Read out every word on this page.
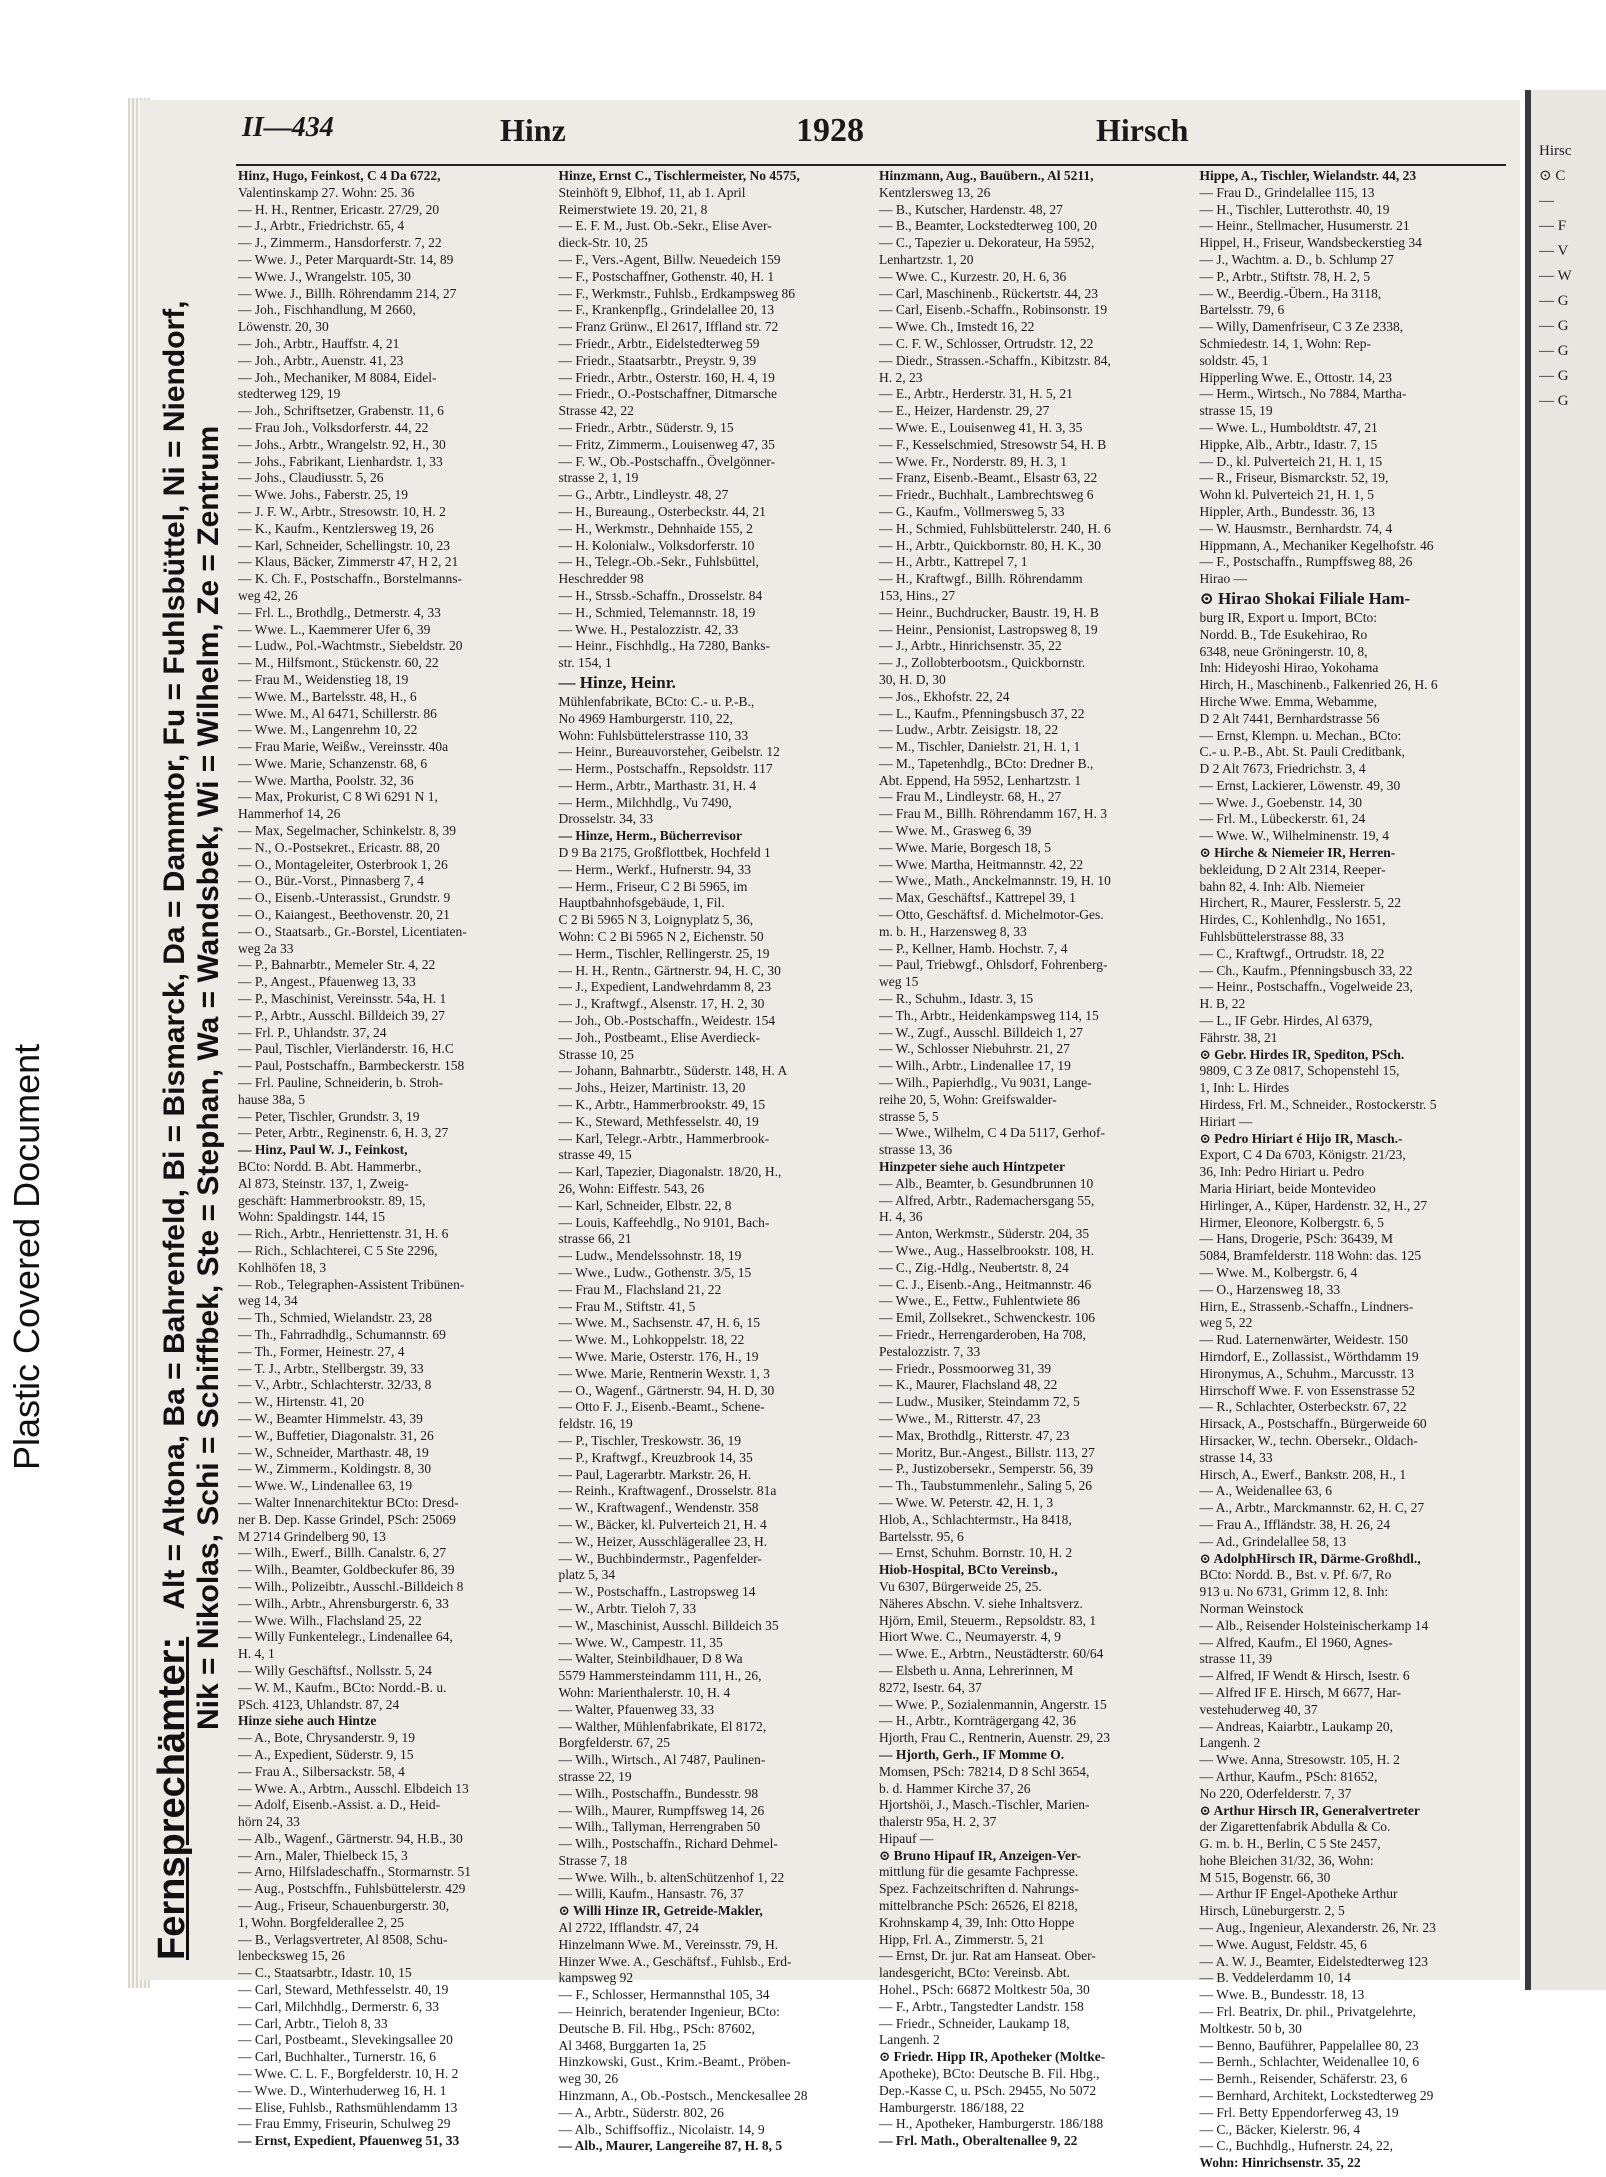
Plastic Covered Document
Hirsc
⊙ C
—
— F
— V
— W
— G
— G
— G
— G
— G
II—434	Hinz	1928	Hirsch
Fernsprechämter: Alt = Altona, Ba = Bahrenfeld, Bi = Bismarck, Da = Dammtor, Fu = Fuhlsbüttel, Ni = Niendorf, Nik = Nikolas, Schi = Schiffbek, Ste = Stephan, Wa = Wandsbek, Wi = Wilhelm, Ze = Zentrum
Hinz, Hugo, Feinkost, C 4 Da 6722,
Valentinskamp 27. Wohn: 25. 36
— H. H., Rentner, Ericastr. 27/29, 20
— J., Arbtr., Friedrichstr. 65, 4
— J., Zimmerm., Hansdorferstr. 7, 22
— Wwe. J., Peter Marquardt-Str. 14, 89
— Wwe. J., Wrangelstr. 105, 30
— Wwe. J., Billh. Röhrendamm 214, 27
— Joh., Fischhandlung, M 2660,
Löwenstr. 20, 30
— Joh., Arbtr., Hauffstr. 4, 21
— Joh., Arbtr., Auenstr. 41, 23
— Joh., Mechaniker, M 8084, Eidel-
stedterweg 129, 19
— Joh., Schriftsetzer, Grabenstr. 11, 6
— Frau Joh., Volksdorferstr. 44, 22
— Johs., Arbtr., Wrangelstr. 92, H., 30
— Johs., Fabrikant, Lienhardstr. 1, 33
— Johs., Claudiusstr. 5, 26
— Wwe. Johs., Faberstr. 25, 19
— J. F. W., Arbtr., Stresowstr. 10, H. 2
— K., Kaufm., Kentzlersweg 19, 26
— Karl, Schneider, Schellingstr. 10, 23
— Klaus, Bäcker, Zimmerstr 47, H 2, 21
— K. Ch. F., Postschaffn., Borstelmanns-
weg 42, 26
— Frl. L., Brothdlg., Detmerstr. 4, 33
— Wwe. L., Kaemmerer Ufer 6, 39
— Ludw., Pol.-Wachtmstr., Siebeldstr. 20
— M., Hilfsmont., Stückenstr. 60, 22
— Frau M., Weidenstieg 18, 19
— Wwe. M., Bartelsstr. 48, H., 6
— Wwe. M., Al 6471, Schillerstr. 86
— Wwe. M., Langenrehm 10, 22
— Frau Marie, Weißw., Vereinsstr. 40a
— Wwe. Marie, Schanzenstr. 68, 6
— Wwe. Martha, Poolstr. 32, 36
— Max, Prokurist, C 8 Wi 6291 N 1,
Hammerhof 14, 26
— Max, Segelmacher, Schinkelstr. 8, 39
— N., O.-Postsekret., Ericastr. 88, 20
— O., Montageleiter, Osterbrook 1, 26
— O., Bür.-Vorst., Pinnasberg 7, 4
— O., Eisenb.-Unterassist., Grundstr. 9
— O., Kaiangest., Beethovenstr. 20, 21
— O., Staatsarb., Gr.-Borstel, Licentiaten-
weg 2a 33
— P., Bahnarbtr., Memeler Str. 4, 22
— P., Angest., Pfauenweg 13, 33
— P., Maschinist, Vereinsstr. 54a, H. 1
— P., Arbtr., Ausschl. Billdeich 39, 27
— Frl. P., Uhlandstr. 37, 24
— Paul, Tischler, Vierländerstr. 16, H.C
— Paul, Postschaffn., Barmbeckerstr. 158
— Frl. Pauline, Schneiderin, b. Stroh-
hause 38a, 5
— Peter, Tischler, Grundstr. 3, 19
— Peter, Arbtr., Reginenstr. 6, H. 3, 27
— Hinz, Paul W. J., Feinkost,
BCto: Nordd. B. Abt. Hammerbr.,
Al 873, Steinstr. 137, 1, Zweig-
geschäft: Hammerbrookstr. 89, 15,
Wohn: Spaldingstr. 144, 15
— Rich., Arbtr., Henriettenstr. 31, H. 6
— Rich., Schlachterei, C 5 Ste 2296,
Kohlhöfen 18, 3
— Rob., Telegraphen-Assistent Tribünen-
weg 14, 34
— Th., Schmied, Wielandstr. 23, 28
— Th., Fahrradhdlg., Schumannstr. 69
— Th., Former, Heinestr. 27, 4
— T. J., Arbtr., Stellbergstr. 39, 33
— V., Arbtr., Schlachterstr. 32/33, 8
— W., Hirtenstr. 41, 20
— W., Beamter Himmelstr. 43, 39
— W., Buffetier, Diagonalstr. 31, 26
— W., Schneider, Marthastr. 48, 19
— W., Zimmerm., Koldingstr. 8, 30
— Wwe. W., Lindenallee 63, 19
— Walter Innenarchitektur BCto: Dresd-
ner B. Dep. Kasse Grindel, PSch: 25069
M 2714 Grindelberg 90, 13
— Wilh., Ewerf., Billh. Canalstr. 6, 27
— Wilh., Beamter, Goldbeckufer 86, 39
— Wilh., Polizeibtr., Ausschl.-Billdeich 8
— Wilh., Arbtr., Ahrensburgerstr. 6, 33
— Wwe. Wilh., Flachsland 25, 22
— Willy Funkentelegr., Lindenallee 64,
H. 4, 1
— Willy Geschäftsf., Nollsstr. 5, 24
— W. M., Kaufm., BCto: Nordd.-B. u.
PSch. 4123, Uhlandstr. 87, 24
Hinze siehe auch Hintze
— A., Bote, Chrysanderstr. 9, 19
— A., Expedient, Süderstr. 9, 15
— Frau A., Silbersackstr. 58, 4
— Wwe. A., Arbtrn., Ausschl. Elbdeich 13
— Adolf, Eisenb.-Assist. a. D., Heid-
hörn 24, 33
— Alb., Wagenf., Gärtnerstr. 94, H.B., 30
— Arn., Maler, Thielbeck 15, 3
— Arno, Hilfsladeschaffn., Stormarnstr. 51
— Aug., Postschffn., Fuhlsbüttelerstr. 429
— Aug., Friseur, Schauenburgerstr. 30,
1, Wohn. Borgfelderallee 2, 25
— B., Verlagsvertreter, Al 8508, Schu-
lenbecksweg 15, 26
— C., Staatsarbtr., Idastr. 10, 15
— Carl, Steward, Methfesselstr. 40, 19
— Carl, Milchhdlg., Dermerstr. 6, 33
— Carl, Arbtr., Tieloh 8, 33
— Carl, Postbeamt., Slevekingsallee 20
— Carl, Buchhalter., Turnerstr. 16, 6
— Wwe. C. L. F., Borgfelderstr. 10, H. 2
— Wwe. D., Winterhuderweg 16, H. 1
— Elise, Fuhlsb., Rathsmühlendamm 13
— Frau Emmy, Friseurin, Schulweg 29
— Ernst, Expedient, Pfauenweg 51, 33
Hinze, Ernst C., Tischlermeister, No 4575,
Steinhöft 9, Elbhof, 11, ab 1. April
Reimerstwiete 19. 20, 21, 8
— E. F. M., Just. Ob.-Sekr., Elise Aver-
dieck-Str. 10, 25
— F., Vers.-Agent, Billw. Neuedeich 159
— F., Postschaffner, Gothenstr. 40, H. 1
— F., Werkmstr., Fuhlsb., Erdkampsweg 86
— F., Krankenpflg., Grindelallee 20, 13
— Franz Grünw., El 2617, Iffland str. 72
— Friedr., Arbtr., Eidelstedterweg 59
— Friedr., Staatsarbtr., Preystr. 9, 39
— Friedr., Arbtr., Osterstr. 160, H. 4, 19
— Friedr., O.-Postschaffner, Ditmarsche
Strasse 42, 22
— Friedr., Arbtr., Süderstr. 9, 15
— Fritz, Zimmerm., Louisenweg 47, 35
— F. W., Ob.-Postschaffn., Övelgönner-
strasse 2, 1, 19
— G., Arbtr., Lindleystr. 48, 27
— H., Bureaung., Osterbeckstr. 44, 21
— H., Werkmstr., Dehnhaide 155, 2
— H. Kolonialw., Volksdorferstr. 10
— H., Telegr.-Ob.-Sekr., Fuhlsbüttel,
Heschredder 98
— H., Strssb.-Schaffn., Drosselstr. 84
— H., Schmied, Telemannstr. 18, 19
— Wwe. H., Pestalozzistr. 42, 33
— Heinr., Fischhdlg., Ha 7280, Banks-
str. 154, 1
— Hinze, Heinr.
Mühlenfabrikate, BCto: C.- u. P.-B.,
No 4969 Hamburgerstr. 110, 22,
Wohn: Fuhlsbüttelerstrasse 110, 33
— Heinr., Bureauvorsteher, Geibelstr. 12
— Herm., Postschaffn., Repsoldstr. 117
— Herm., Arbtr., Marthastr. 31, H. 4
— Herm., Milchhdlg., Vu 7490,
Drosselstr. 34, 33
— Hinze, Herm., Bücherrevisor
D 9 Ba 2175, Großflottbek, Hochfeld 1
— Herm., Werkf., Hufnerstr. 94, 33
— Herm., Friseur, C 2 Bi 5965, im
Hauptbahnhofsgebäude, 1, Fil.
C 2 Bi 5965 N 3, Loignyplatz 5, 36,
Wohn: C 2 Bi 5965 N 2, Eichenstr. 50
— Herm., Tischler, Rellingerstr. 25, 19
— H. H., Rentn., Gärtnerstr. 94, H. C, 30
— J., Expedient, Landwehrdamm 8, 23
— J., Kraftwgf., Alsenstr. 17, H. 2, 30
— Joh., Ob.-Postschaffn., Weidestr. 154
— Joh., Postbeamt., Elise Averdieck-
Strasse 10, 25
— Johann, Bahnarbtr., Süderstr. 148, H. A
— Johs., Heizer, Martinistr. 13, 20
— K., Arbtr., Hammerbrookstr. 49, 15
— K., Steward, Methfesselstr. 40, 19
— Karl, Telegr.-Arbtr., Hammerbrook-
strasse 49, 15
— Karl, Tapezier, Diagonalstr. 18/20, H.,
26, Wohn: Eiffestr. 543, 26
— Karl, Schneider, Elbstr. 22, 8
— Louis, Kaffeehdlg., No 9101, Bach-
strasse 66, 21
— Ludw., Mendelssohnstr. 18, 19
— Wwe., Ludw., Gothenstr. 3/5, 15
— Frau M., Flachsland 21, 22
— Frau M., Stiftstr. 41, 5
— Wwe. M., Sachsenstr. 47, H. 6, 15
— Wwe. M., Lohkoppelstr. 18, 22
— Wwe. Marie, Osterstr. 176, H., 19
— Wwe. Marie, Rentnerin Wexstr. 1, 3
— O., Wagenf., Gärtnerstr. 94, H. D, 30
— Otto F. J., Eisenb.-Beamt., Schene-
feldstr. 16, 19
— P., Tischler, Treskowstr. 36, 19
— P., Kraftwgf., Kreuzbrook 14, 35
— Paul, Lagerarbtr. Markstr. 26, H.
— Reinh., Kraftwagenf., Drosselstr. 81a
— W., Kraftwagenf., Wendenstr. 358
— W., Bäcker, kl. Pulverteich 21, H. 4
— W., Heizer, Ausschlägerallee 23, H.
— W., Buchbindermstr., Pagenfelder-
platz 5, 34
— W., Postschaffn., Lastropsweg 14
— W., Arbtr. Tieloh 7, 33
— W., Maschinist, Ausschl. Billdeich 35
— Wwe. W., Campestr. 11, 35
— Walter, Steinbildhauer, D 8 Wa
5579 Hammersteindamm 111, H., 26,
Wohn: Marienthalerstr. 10, H. 4
— Walter, Pfauenweg 33, 33
— Walther, Mühlenfabrikate, El 8172,
Borgfelderstr. 67, 25
— Wilh., Wirtsch., Al 7487, Paulinen-
strasse 22, 19
— Wilh., Postschaffn., Bundesstr. 98
— Wilh., Maurer, Rumpffsweg 14, 26
— Wilh., Tallyman, Herrengraben 50
— Wilh., Postschaffn., Richard Dehmel-
Strasse 7, 18
— Wwe. Wilh., b. altenSchützenhof 1, 22
— Willi, Kaufm., Hansastr. 76, 37
⊙ Willi Hinze IR, Getreide-Makler,
Al 2722, Ifflandstr. 47, 24
Hinzelmann Wwe. M., Vereinsstr. 79, H.
Hinzer Wwe. A., Geschäftsf., Fuhlsb., Erd-
kampsweg 92
— F., Schlosser, Hermannsthal 105, 34
— Heinrich, beratender Ingenieur, BCto:
Deutsche B. Fil. Hbg., PSch: 87602,
Al 3468, Burggarten 1a, 25
Hinzkowski, Gust., Krim.-Beamt., Pröben-
weg 30, 26
Hinzmann, A., Ob.-Postsch., Menckesallee 28
— A., Arbtr., Süderstr. 802, 26
— Alb., Schiffsoffiz., Nicolaistr. 14, 9
— Alb., Maurer, Langereihe 87, H. 8, 5
Hinzmann, Aug., Bauübern., Al 5211,
Kentzlersweg 13, 26
— B., Kutscher, Hardenstr. 48, 27
— B., Beamter, Lockstedterweg 100, 20
— C., Tapezier u. Dekorateur, Ha 5952,
Lenhartzstr. 1, 20
— Wwe. C., Kurzestr. 20, H. 6, 36
— Carl, Maschinenb., Rückertstr. 44, 23
— Carl, Eisenb.-Schaffn., Robinsonstr. 19
— Wwe. Ch., Imstedt 16, 22
— C. F. W., Schlosser, Ortrudstr. 12, 22
— Diedr., Strassen.-Schaffn., Kibitzstr. 84,
H. 2, 23
— E., Arbtr., Herderstr. 31, H. 5, 21
— E., Heizer, Hardenstr. 29, 27
— Wwe. E., Louisenweg 41, H. 3, 35
— F., Kesselschmied, Stresowstr 54, H. B
— Wwe. Fr., Norderstr. 89, H. 3, 1
— Franz, Eisenb.-Beamt., Elsastr 63, 22
— Friedr., Buchhalt., Lambrechtsweg 6
— G., Kaufm., Vollmersweg 5, 33
— H., Schmied, Fuhlsbüttelerstr. 240, H. 6
— H., Arbtr., Quickbornstr. 80, H. K., 30
— H., Arbtr., Kattrepel 7, 1
— H., Kraftwgf., Billh. Röhrendamm
153, Hins., 27
— Heinr., Buchdrucker, Baustr. 19, H. B
— Heinr., Pensionist, Lastropsweg 8, 19
— J., Arbtr., Hinrichsenstr. 35, 22
— J., Zollobterbootsm., Quickbornstr.
30, H. D, 30
— Jos., Ekhofstr. 22, 24
— L., Kaufm., Pfenningsbusch 37, 22
— Ludw., Arbtr. Zeisigstr. 18, 22
— M., Tischler, Danielstr. 21, H. 1, 1
— M., Tapetenhdlg., BCto: Dredner B.,
Abt. Eppend, Ha 5952, Lenhartzstr. 1
— Frau M., Lindleystr. 68, H., 27
— Frau M., Billh. Röhrendamm 167, H. 3
— Wwe. M., Grasweg 6, 39
— Wwe. Marie, Borgesch 18, 5
— Wwe. Martha, Heitmannstr. 42, 22
— Wwe., Math., Anckelmannstr. 19, H. 10
— Max, Geschäftsf., Kattrepel 39, 1
— Otto, Geschäftsf. d. Michelmotor-Ges.
m. b. H., Harzensweg 8, 33
— P., Kellner, Hamb. Hochstr. 7, 4
— Paul, Triebwgf., Ohlsdorf, Fohrenberg-
weg 15
— R., Schuhm., Idastr. 3, 15
— Th., Arbtr., Heidenkampsweg 114, 15
— W., Zugf., Ausschl. Billdeich 1, 27
— W., Schlosser Niebuhrstr. 21, 27
— Wilh., Arbtr., Lindenallee 17, 19
— Wilh., Papierhdlg., Vu 9031, Lange-
reihe 20, 5, Wohn: Greifswalder-
strasse 5, 5
— Wwe., Wilhelm, C 4 Da 5117, Gerhof-
strasse 13, 36
Hinzpeter siehe auch Hintzpeter
— Alb., Beamter, b. Gesundbrunnen 10
— Alfred, Arbtr., Rademachersgang 55,
H. 4, 36
— Anton, Werkmstr., Süderstr. 204, 35
— Wwe., Aug., Hasselbrookstr. 108, H.
— C., Zig.-Hdlg., Neubertstr. 8, 24
— C. J., Eisenb.-Ang., Heitmannstr. 46
— Wwe., E., Fettw., Fuhlentwiete 86
— Emil, Zollsekret., Schwenckestr. 106
— Friedr., Herrengarderoben, Ha 708,
Pestalozzistr. 7, 33
— Friedr., Possmoorweg 31, 39
— K., Maurer, Flachsland 48, 22
— Ludw., Musiker, Steindamm 72, 5
— Wwe., M., Ritterstr. 47, 23
— Max, Brothdlg., Ritterstr. 47, 23
— Moritz, Bur.-Angest., Billstr. 113, 27
— P., Justizobersekr., Semperstr. 56, 39
— Th., Taubstummenlehr., Saling 5, 26
— Wwe. W. Peterstr. 42, H. 1, 3
Hlob, A., Schlachtermstr., Ha 8418,
Bartelsstr. 95, 6
— Ernst, Schuhm. Bornstr. 10, H. 2
Hiob-Hospital, BCto Vereinsb.,
Vu 6307, Bürgerweide 25, 25.
Näheres Abschn. V. siehe Inhaltsverz.
Hjörn, Emil, Steuerm., Repsoldstr. 83, 1
Hiort Wwe. C., Neumayerstr. 4, 9
— Wwe. E., Arbtrn., Neustädterstr. 60/64
— Elsbeth u. Anna, Lehrerinnen, M
8272, Isestr. 64, 37
— Wwe. P., Sozialenmannin, Angerstr. 15
— H., Arbtr., Kornträgergang 42, 36
Hjorth, Frau C., Rentnerin, Auenstr. 29, 23
— Hjorth, Gerh., IF Momme O.
Momsen, PSch: 78214, D 8 Schl 3654,
b. d. Hammer Kirche 37, 26
Hjortshöi, J., Masch.-Tischler, Marien-
thalerstr 95a, H. 2, 37
Hipauf —
⊙ Bruno Hipauf IR, Anzeigen-Ver-
mittlung für die gesamte Fachpresse.
Spez. Fachzeitschriften d. Nahrungs-
mittelbranche PSch: 26526, El 8218,
Krohnskamp 4, 39, Inh: Otto Hoppe
Hipp, Frl. A., Zimmerstr. 5, 21
— Ernst, Dr. jur. Rat am Hanseat. Ober-
landesgericht, BCto: Vereinsb. Abt.
Hohel., PSch: 66872 Moltkestr 50a, 30
— F., Arbtr., Tangstedter Landstr. 158
— Friedr., Schneider, Laukamp 18,
Langenh. 2
⊙ Friedr. Hipp IR, Apotheker (Moltke-
Apotheke), BCto: Deutsche B. Fil. Hbg.,
Dep.-Kasse C, u. PSch. 29455, No 5072
Hamburgerstr. 186/188, 22
— H., Apotheker, Hamburgerstr. 186/188
— Frl. Math., Oberaltenallee 9, 22
Hippe, A., Tischler, Wielandstr. 44, 23
— Frau D., Grindelallee 115, 13
— H., Tischler, Lutterothstr. 40, 19
— Heinr., Stellmacher, Husumerstr. 21
Hippel, H., Friseur, Wandsbeckerstieg 34
— J., Wachtm. a. D., b. Schlump 27
— P., Arbtr., Stiftstr. 78, H. 2, 5
— W., Beerdig.-Übern., Ha 3118,
Bartelsstr. 79, 6
— Willy, Damenfriseur, C 3 Ze 2338,
Schmiedestr. 14, 1, Wohn: Rep-
soldstr. 45, 1
Hipperling Wwe. E., Ottostr. 14, 23
— Herm., Wirtsch., No 7884, Martha-
strasse 15, 19
— Wwe. L., Humboldtstr. 47, 21
Hippke, Alb., Arbtr., Idastr. 7, 15
— D., kl. Pulverteich 21, H. 1, 15
— R., Friseur, Bismarckstr. 52, 19,
Wohn kl. Pulverteich 21, H. 1, 5
Hippler, Arth., Bundesstr. 36, 13
— W. Hausmstr., Bernhardstr. 74, 4
Hippmann, A., Mechaniker Kegelhofstr. 46
— F., Postschaffn., Rumpffsweg 88, 26
Hirao —
⊙ Hirao Shokai Filiale Ham-
burg IR, Export u. Import, BCto:
Nordd. B., Tde Esukehirao, Ro
6348, neue Gröningerstr. 10, 8,
Inh: Hideyoshi Hirao, Yokohama
Hirch, H., Maschinenb., Falkenried 26, H. 6
Hirche Wwe. Emma, Webamme,
D 2 Alt 7441, Bernhardstrasse 56
— Ernst, Klempn. u. Mechan., BCto:
C.- u. P.-B., Abt. St. Pauli Creditbank,
D 2 Alt 7673, Friedrichstr. 3, 4
— Ernst, Lackierer, Löwenstr. 49, 30
— Wwe. J., Goebenstr. 14, 30
— Frl. M., Lübeckerstr. 61, 24
— Wwe. W., Wilhelminenstr. 19, 4
⊙ Hirche & Niemeier IR, Herren-
bekleidung, D 2 Alt 2314, Reeper-
bahn 82, 4. Inh: Alb. Niemeier
Hirchert, R., Maurer, Fesslerstr. 5, 22
Hirdes, C., Kohlenhdlg., No 1651,
Fuhlsbüttelerstrasse 88, 33
— C., Kraftwgf., Ortrudstr. 18, 22
— Ch., Kaufm., Pfenningsbusch 33, 22
— Heinr., Postschaffn., Vogelweide 23,
H. B, 22
— L., IF Gebr. Hirdes, Al 6379,
Fährstr. 38, 21
⊙ Gebr. Hirdes IR, Spediton, PSch.
9809, C 3 Ze 0817, Schopenstehl 15,
1, Inh: L. Hirdes
Hirdess, Frl. M., Schneider., Rostockerstr. 5
Hiriart —
⊙ Pedro Hiriart é Hijo IR, Masch.-
Export, C 4 Da 6703, Königstr. 21/23,
36, Inh: Pedro Hiriart u. Pedro
Maria Hiriart, beide Montevideo
Hirlinger, A., Küper, Hardenstr. 32, H., 27
Hirmer, Eleonore, Kolbergstr. 6, 5
— Hans, Drogerie, PSch: 36439, M
5084, Bramfelderstr. 118 Wohn: das. 125
— Wwe. M., Kolbergstr. 6, 4
— O., Harzensweg 18, 33
Hirn, E., Strassenb.-Schaffn., Lindners-
weg 5, 22
— Rud. Laternenwärter, Weidestr. 150
Hirndorf, E., Zollassist., Wörthdamm 19
Hironymus, A., Schuhm., Marcusstr. 13
Hirrschoff Wwe. F. von Essenstrasse 52
— R., Schlachter, Osterbeckstr. 67, 22
Hirsack, A., Postschaffn., Bürgerweide 60
Hirsacker, W., techn. Obersekr., Oldach-
strasse 14, 33
Hirsch, A., Ewerf., Bankstr. 208, H., 1
— A., Weidenallee 63, 6
— A., Arbtr., Marckmannstr. 62, H. C, 27
— Frau A., Iffländstr. 38, H. 26, 24
— Ad., Grindelallee 58, 13
⊙ AdolphHirsch IR, Därme-Großhdl.,
BCto: Nordd. B., Bst. v. Pf. 6/7, Ro
913 u. No 6731, Grimm 12, 8. Inh:
Norman Weinstock
— Alb., Reisender Holsteinischerkamp 14
— Alfred, Kaufm., El 1960, Agnes-
strasse 11, 39
— Alfred, IF Wendt & Hirsch, Isestr. 6
— Alfred IF E. Hirsch, M 6677, Har-
vestehuderweg 40, 37
— Andreas, Kaiarbtr., Laukamp 20,
Langenh. 2
— Wwe. Anna, Stresowstr. 105, H. 2
— Arthur, Kaufm., PSch: 81652,
No 220, Oderfelderstr. 7, 37
⊙ Arthur Hirsch IR, Generalvertreter
der Zigarettenfabrik Abdulla & Co.
G. m. b. H., Berlin, C 5 Ste 2457,
hohe Bleichen 31/32, 36, Wohn:
M 515, Bogenstr. 66, 30
— Arthur IF Engel-Apotheke Arthur
Hirsch, Lüneburgerstr. 2, 5
— Aug., Ingenieur, Alexanderstr. 26, Nr. 23
— Wwe. August, Feldstr. 45, 6
— A. W. J., Beamter, Eidelstedterweg 123
— B. Veddelerdamm 10, 14
— Wwe. B., Bundesstr. 18, 13
— Frl. Beatrix, Dr. phil., Privatgelehrte,
Moltkestr. 50 b, 30
— Benno, Bauführer, Pappelallee 80, 23
— Bernh., Schlachter, Weidenallee 10, 6
— Bernh., Reisender, Schäferstr. 23, 6
— Bernhard, Architekt, Lockstedterweg 29
— Frl. Betty Eppendorferweg 43, 19
— C., Bäcker, Kielerstr. 96, 4
— C., Buchhdlg., Hufnerstr. 24, 22,
Wohn: Hinrichsenstr. 35, 22
